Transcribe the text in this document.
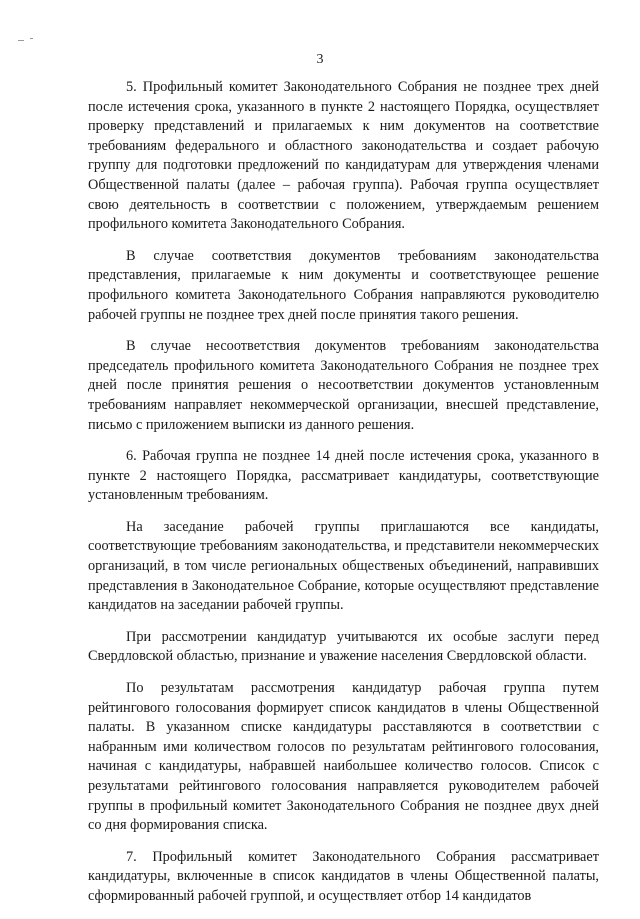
3

5. Профильный комитет Законодательного Собрания не позднее трех дней после истечения срока, указанного в пункте 2 настоящего Порядка, осуществляет проверку представлений и прилагаемых к ним документов на соответствие требованиям федерального и областного законодательства и создает рабочую группу для подготовки предложений по кандидатурам для утверждения членами Общественной палаты (далее – рабочая группа). Рабочая группа осуществляет свою деятельность в соответствии с положением, утверждаемым решением профильного комитета Законодательного Собрания.

В случае соответствия документов требованиям законодательства представления, прилагаемые к ним документы и соответствующее решение профильного комитета Законодательного Собрания направляются руководителю рабочей группы не позднее трех дней после принятия такого решения.

В случае несоответствия документов требованиям законодательства председатель профильного комитета Законодательного Собрания не позднее трех дней после принятия решения о несоответствии документов установленным требованиям направляет некоммерческой организации, внесшей представление, письмо с приложением выписки из данного решения.

6. Рабочая группа не позднее 14 дней после истечения срока, указанного в пункте 2 настоящего Порядка, рассматривает кандидатуры, соответствующие установленным требованиям.

На заседание рабочей группы приглашаются все кандидаты, соответствующие требованиям законодательства, и представители некоммерческих организаций, в том числе региональных общественых объединений, направивших представления в Законодательное Собрание, которые осуществляют представление кандидатов на заседании рабочей группы.

При рассмотрении кандидатур учитываются их особые заслуги перед Свердловской областью, признание и уважение населения Свердловской области.

По результатам рассмотрения кандидатур рабочая группа путем рейтингового голосования формирует список кандидатов в члены Общественной палаты. В указанном списке кандидатуры расставляются в соответствии с набранным ими количеством голосов по результатам рейтингового голосования, начиная с кандидатуры, набравшей наибольшее количество голосов. Список с результатами рейтингового голосования направляется руководителем рабочей группы в профильный комитет Законодательного Собрания не позднее двух дней со дня формирования списка.

7. Профильный комитет Законодательного Собрания рассматривает кандидатуры, включенные в список кандидатов в члены Общественной палаты, сформированный рабочей группой, и осуществляет отбор 14 кандидатов
